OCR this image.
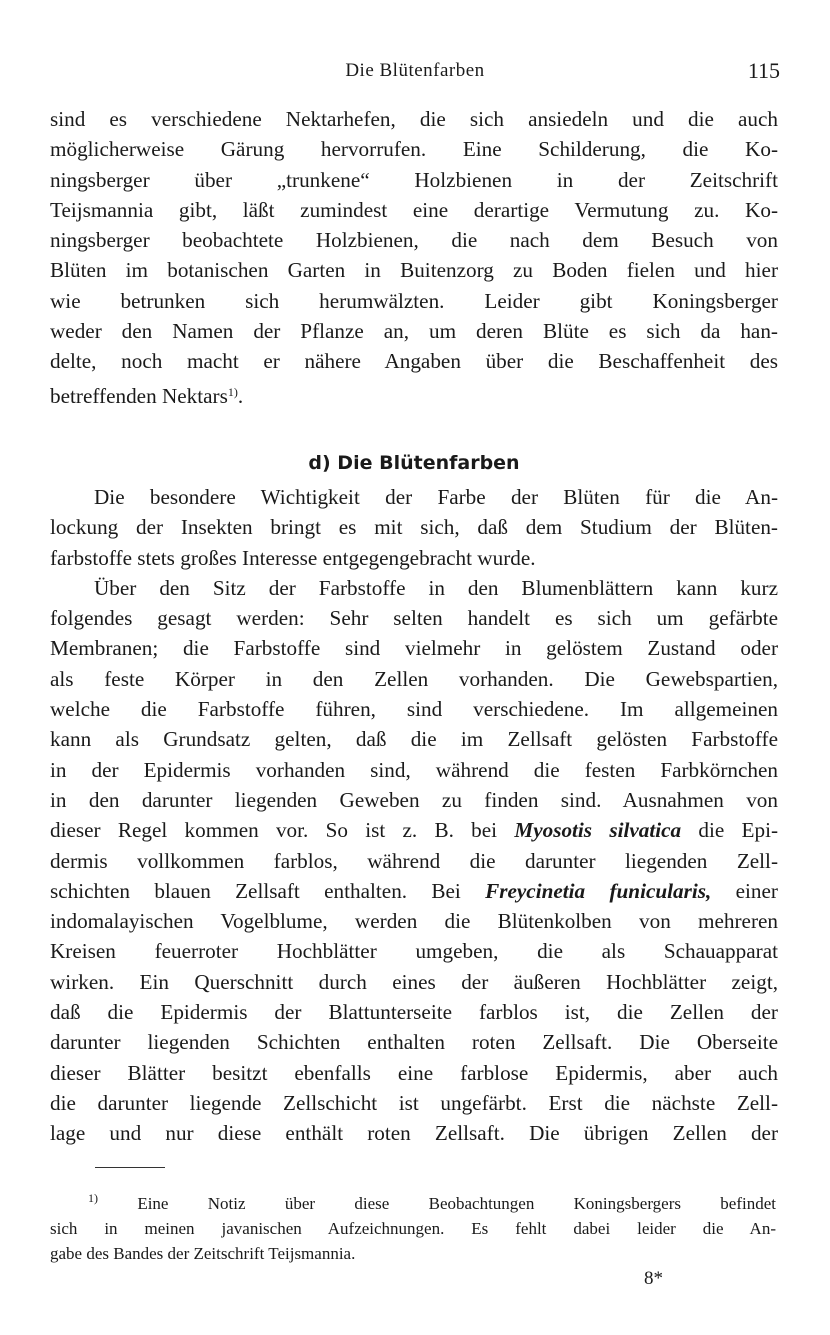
Die Blütenfarben	115
sind es verschiedene Nektarhefen, die sich ansiedeln und die auch
möglicherweise Gärung hervorrufen. Eine Schilderung, die Ko-
ningsberger über „trunkene“ Holzbienen in der Zeitschrift
Teijsmannia gibt, läßt zumindest eine derartige Vermutung zu. Ko-
ningsberger beobachtete Holzbienen, die nach dem Besuch von
Blüten im botanischen Garten in Buitenzorg zu Boden fielen und hier
wie betrunken sich herumwälzten. Leider gibt Koningsberger
weder den Namen der Pflanze an, um deren Blüte es sich da han-
delte, noch macht er nähere Angaben über die Beschaffenheit des
betreffenden Nektars$^{1)}$.
d) Die Blütenfarben
Die besondere Wichtigkeit der Farbe der Blüten für die An-
lockung der Insekten bringt es mit sich, daß dem Studium der Blüten-
farbstoffe stets großes Interesse entgegengebracht wurde.
Über den Sitz der Farbstoffe in den Blumenblättern kann kurz
folgendes gesagt werden: Sehr selten handelt es sich um gefärbte
Membranen; die Farbstoffe sind vielmehr in gelöstem Zustand oder
als feste Körper in den Zellen vorhanden. Die Gewebspartien,
welche die Farbstoffe führen, sind verschiedene. Im allgemeinen
kann als Grundsatz gelten, daß die im Zellsaft gelösten Farbstoffe
in der Epidermis vorhanden sind, während die festen Farbkörnchen
in den darunter liegenden Geweben zu finden sind. Ausnahmen von
dieser Regel kommen vor. So ist z. B. bei Myosotis silvatica die Epi-
dermis vollkommen farblos, während die darunter liegenden Zell-
schichten blauen Zellsaft enthalten. Bei Freycinetia funicularis, einer
indomalayischen Vogelblume, werden die Blütenkolben von mehreren
Kreisen feuerroter Hochblätter umgeben, die als Schauapparat
wirken. Ein Querschnitt durch eines der äußeren Hochblätter zeigt,
daß die Epidermis der Blattunterseite farblos ist, die Zellen der
darunter liegenden Schichten enthalten roten Zellsaft. Die Oberseite
dieser Blätter besitzt ebenfalls eine farblose Epidermis, aber auch
die darunter liegende Zellschicht ist ungefärbt. Erst die nächste Zell-
lage und nur diese enthält roten Zellsaft. Die übrigen Zellen der
$^{1)}$ Eine Notiz über diese Beobachtungen Koningsbergers befindet
sich in meinen javanischen Aufzeichnungen. Es fehlt dabei leider die An-
gabe des Bandes der Zeitschrift Teijsmannia.
8*
